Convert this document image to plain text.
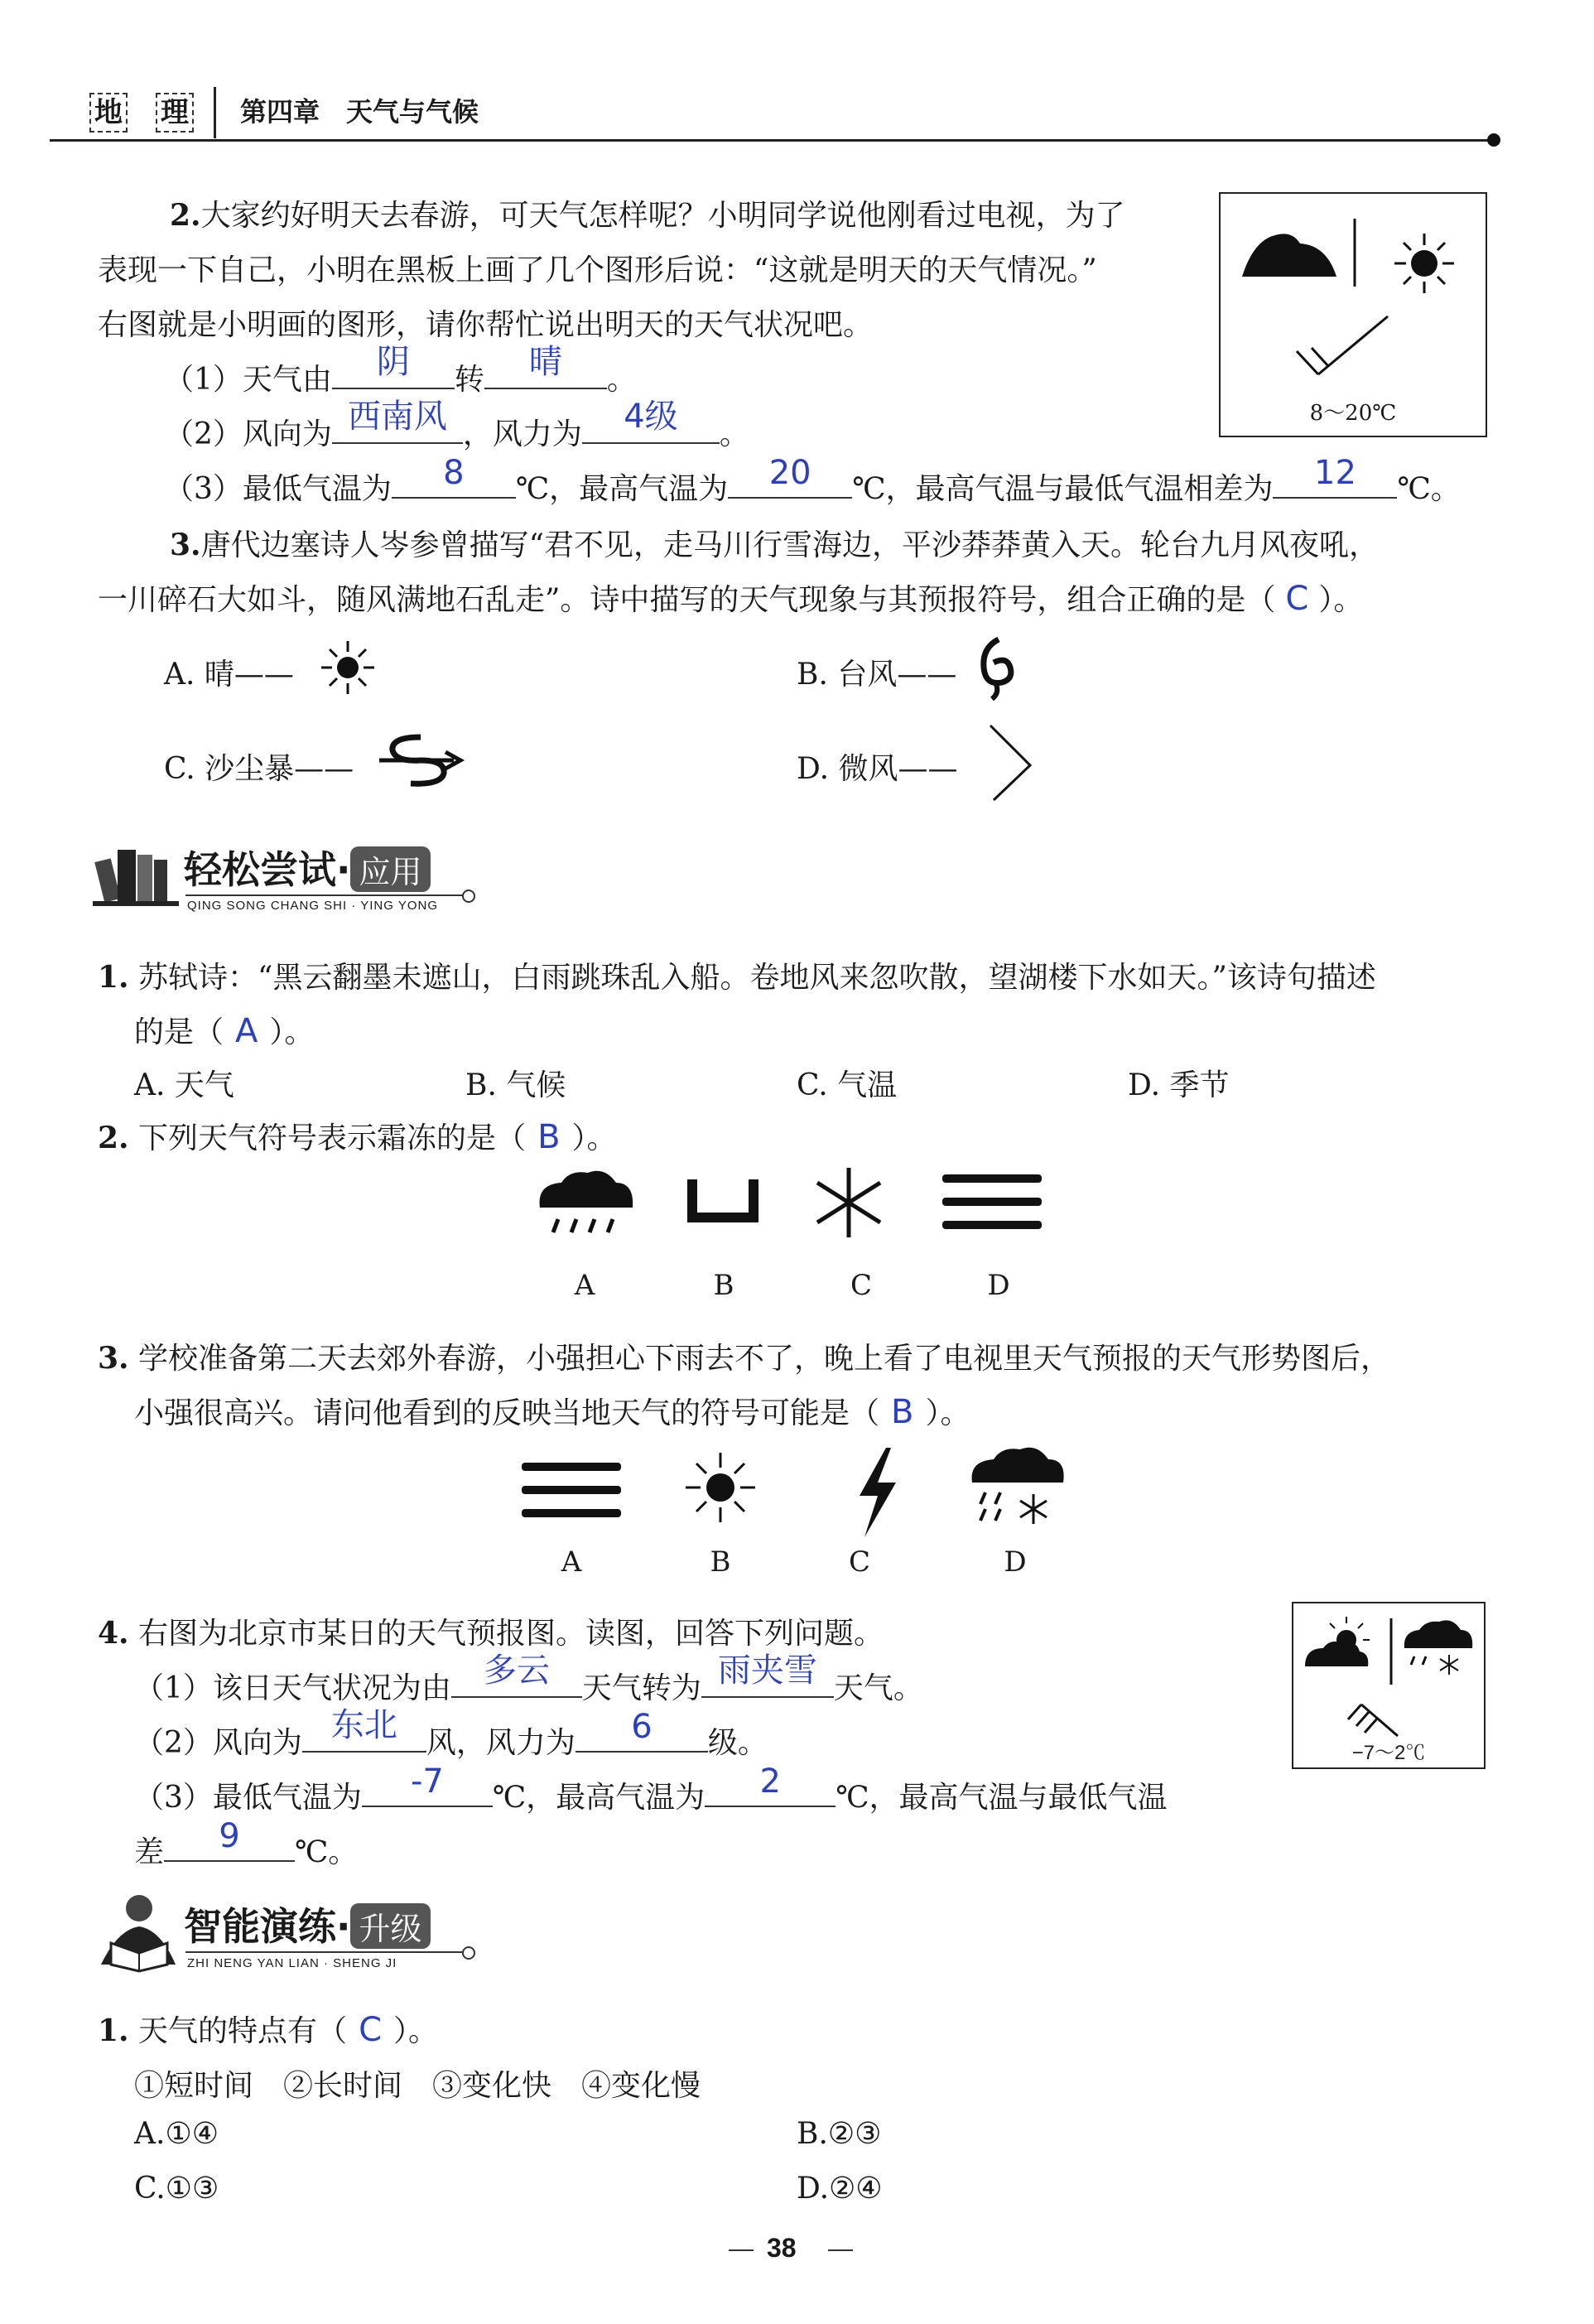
地 理 第四章　天气与气候
2.大家约好明天去春游，可天气怎样呢？小明同学说他刚看过电视，为了
表现一下自己，小明在黑板上画了几个图形后说：“这就是明天的天气情况。”
右图就是小明画的图形，请你帮忙说出明天的天气状况吧。
（1）天气由	阴	转	晴	。
（2）风向为 西南风 ，风力为	4级	。
（3）最低气温为	8	℃，最高气温为	20	℃，最高气温与最低气温相差为	12	℃。
8～20℃
3.唐代边塞诗人岑参曾描写“君不见，走马川行雪海边，平沙莽莽黄入天。轮台九月风夜吼，
一川碎石大如斗，随风满地石乱走”。诗中描写的天气现象与其预报符号，组合正确的是（ C ）。
A. 晴——	B. 台风——
C. 沙尘暴——	D. 微风——
轻松尝试· 应用
QING SONG CHANG SHI · YING YONG
1. 苏轼诗：“黑云翻墨未遮山，白雨跳珠乱入船。卷地风来忽吹散，望湖楼下水如天。”该诗句描述
的是（ A ）。
A. 天气	B. 气候	C. 气温	D. 季节
2. 下列天气符号表示霜冻的是（ B ）。
A	B	C	D
3. 学校准备第二天去郊外春游，小强担心下雨去不了，晚上看了电视里天气预报的天气形势图后，
小强很高兴。请问他看到的反映当地天气的符号可能是（ B ）。
A	B	C	D
4. 右图为北京市某日的天气预报图。读图，回答下列问题。
（1）该日天气状况为由 多云	天气转为 雨夹雪 天气。
（2）风向为 东北 风，风力为	6	级。
（3）最低气温为	-7	℃，最高气温为	2	℃，最高气温与最低气温
差	9	℃。
−7～2℃
智能演练· 升级
ZHI NENG YAN LIAN · SHENG JI
1. 天气的特点有（ C ）。
①短时间　②长时间　③变化快　④变化慢
A.①④	B.②③
C.①③	D.②④
38
